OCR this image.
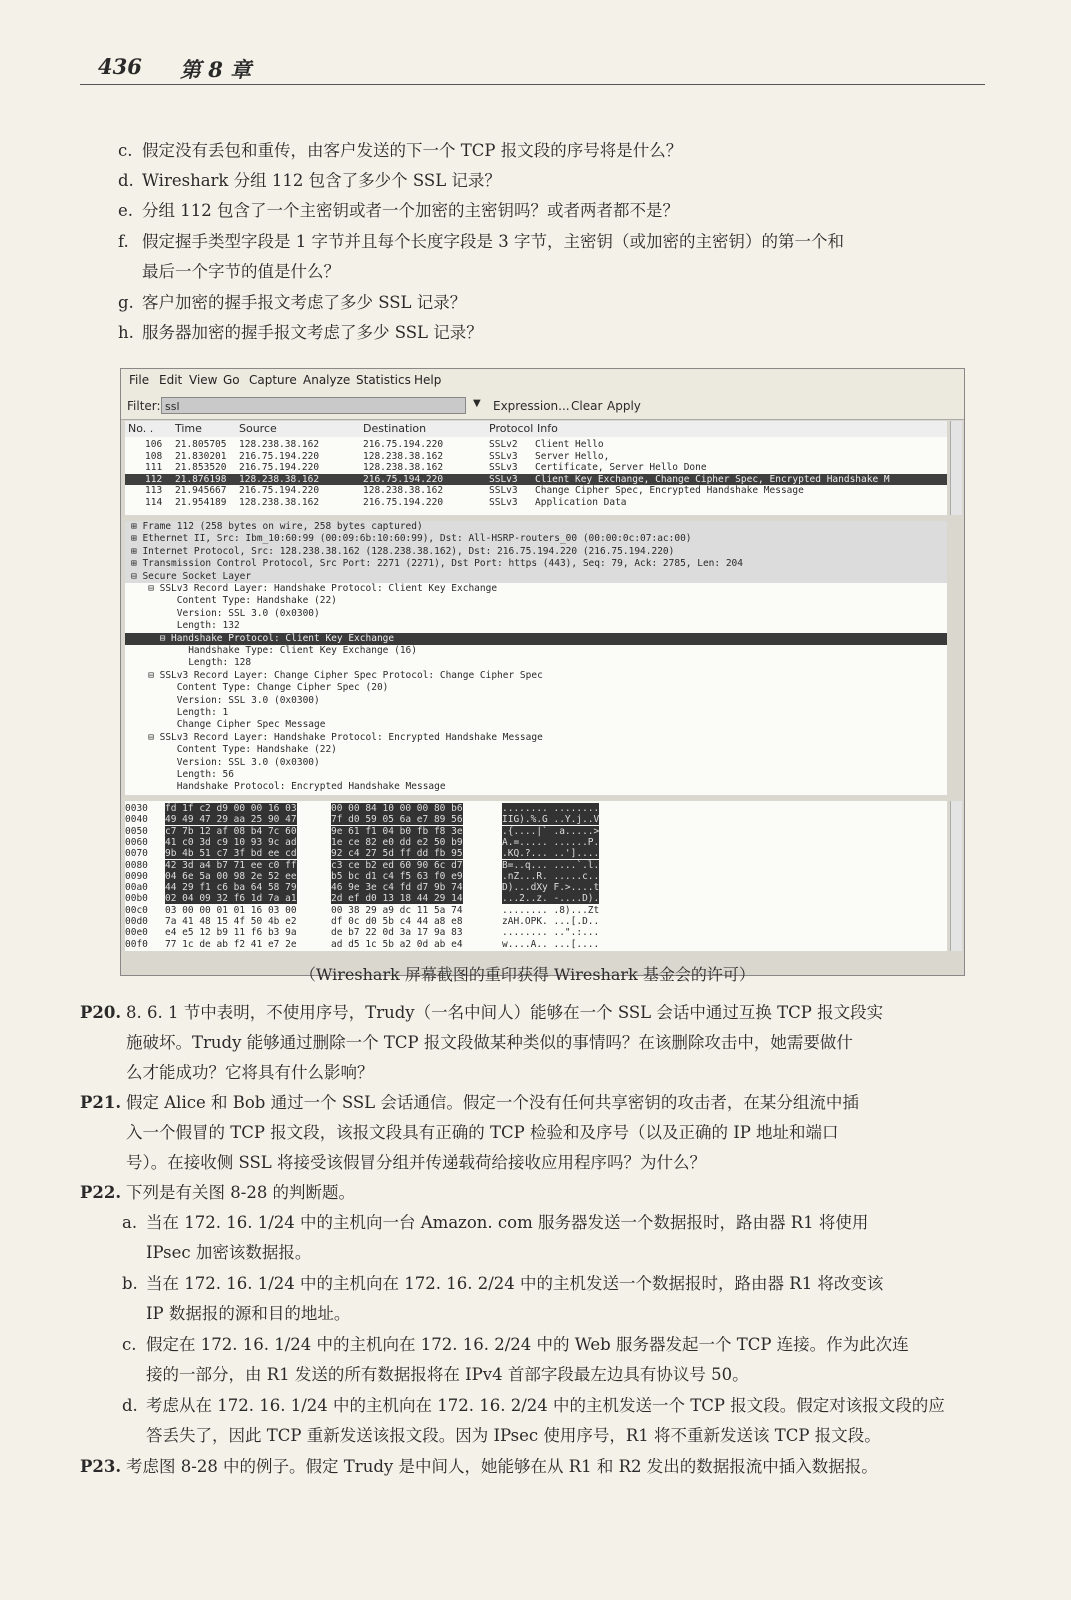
436 第 8 章
c. 假定没有丢包和重传，由客户发送的下一个 TCP 报文段的序号将是什么？
d. Wireshark 分组 112 包含了多少个 SSL 记录？
e. 分组 112 包含了一个主密钥或者一个加密的主密钥吗？或者两者都不是？
f. 假定握手类型字段是 1 字节并且每个长度字段是 3 字节，主密钥（或加密的主密钥）的第一个和
最后一个字节的值是什么？
g. 客户加密的握手报文考虑了多少 SSL 记录？
h. 服务器加密的握手报文考虑了多少 SSL 记录？
File Edit View Go Capture Analyze Statistics Help
Filter: ssl	▼ Expression... Clear Apply
No. . Time	Source	Destination	Protocol Info
106 21.805705 128.238.38.162	216.75.194.220	SSLv2 Client Hello
108 21.830201 216.75.194.220	128.238.38.162	SSLv3 Server Hello,
111 21.853520 216.75.194.220	128.238.38.162	SSLv3 Certificate, Server Hello Done
112 21.876198 128.238.38.162	216.75.194.220	SSLv3 Client Key Exchange, Change Cipher Spec, Encrypted Handshake M
113 21.945667 216.75.194.220	128.238.38.162	SSLv3 Change Cipher Spec, Encrypted Handshake Message
114 21.954189 128.238.38.162	216.75.194.220	SSLv3 Application Data
⊞ Frame 112 (258 bytes on wire, 258 bytes captured)
⊞ Ethernet II, Src: Ibm_10:60:99 (00:09:6b:10:60:99), Dst: All-HSRP-routers_00 (00:00:0c:07:ac:00)
⊞ Internet Protocol, Src: 128.238.38.162 (128.238.38.162), Dst: 216.75.194.220 (216.75.194.220)
⊞ Transmission Control Protocol, Src Port: 2271 (2271), Dst Port: https (443), Seq: 79, Ack: 2785, Len: 204
⊟ Secure Socket Layer
⊟ SSLv3 Record Layer: Handshake Protocol: Client Key Exchange
Content Type: Handshake (22)
Version: SSL 3.0 (0x0300)
Length: 132
⊟ Handshake Protocol: Client Key Exchange
Handshake Type: Client Key Exchange (16)
Length: 128
⊟ SSLv3 Record Layer: Change Cipher Spec Protocol: Change Cipher Spec
Content Type: Change Cipher Spec (20)
Version: SSL 3.0 (0x0300)
Length: 1
Change Cipher Spec Message
⊟ SSLv3 Record Layer: Handshake Protocol: Encrypted Handshake Message
Content Type: Handshake (22)
Version: SSL 3.0 (0x0300)
Length: 56
Handshake Protocol: Encrypted Handshake Message
0030 fd 1f c2 d9 00 00 16 03	00 00 84 10 00 00 80 b6	........ ........
0040 49 49 47 29 aa 25 90 47	7f d0 59 05 6a e7 89 56	IIG).%.G ..Y.j..V
0050 c7 7b 12 af 08 b4 7c 60	9e 61 f1 04 b0 fb f8 3e	.{....|` .a.....>
0060 41 c0 3d c9 10 93 9c ad	1e ce 82 e0 dd e2 50 b9	A.=..... ......P.
0070 9b 4b 51 c7 3f bd ee cd	92 c4 27 5d ff dd fb 95	.KQ.?... ..']....
0080 42 3d a4 b7 71 ee c0 ff	c3 ce b2 ed 60 90 6c d7	B=..q... ....`.l.
0090 04 6e 5a 00 98 2e 52 ee	b5 bc d1 c4 f5 63 f0 e9	.nZ...R. .....c..
00a0 44 29 f1 c6 ba 64 58 79	46 9e 3e c4 fd d7 9b 74	D)...dXy F.>....t
00b0 02 04 09 32 f6 1d 7a a1	2d ef d0 13 18 44 29 14	...2..z. -....D).
00c0 03 00 00 01 01 16 03 00	00 38 29 a9 dc 11 5a 74	........ .8)...Zt
00d0 7a 41 48 15 4f 50 4b e2	df 0c d0 5b c4 44 a8 e8	zAH.OPK. ...[.D..
00e0 e4 e5 12 b9 11 f6 b3 9a	de b7 22 0d 3a 17 9a 83	........ ..".:...
00f0 77 1c de ab f2 41 e7 2e	ad d5 1c 5b a2 0d ab e4	w....A.. ...[....
（Wireshark 屏幕截图的重印获得 Wireshark 基金会的许可）
P20. 8. 6. 1 节中表明，不使用序号，Trudy（一名中间人）能够在一个 SSL 会话中通过互换 TCP 报文段实
施破坏。Trudy 能够通过删除一个 TCP 报文段做某种类似的事情吗？在该删除攻击中，她需要做什
么才能成功？它将具有什么影响？
P21. 假定 Alice 和 Bob 通过一个 SSL 会话通信。假定一个没有任何共享密钥的攻击者，在某分组流中插
入一个假冒的 TCP 报文段，该报文段具有正确的 TCP 检验和及序号（以及正确的 IP 地址和端口
号）。在接收侧 SSL 将接受该假冒分组并传递载荷给接收应用程序吗？为什么？
P22. 下列是有关图 8-28 的判断题。
a. 当在 172. 16. 1/24 中的主机向一台 Amazon. com 服务器发送一个数据报时，路由器 R1 将使用
IPsec 加密该数据报。
b. 当在 172. 16. 1/24 中的主机向在 172. 16. 2/24 中的主机发送一个数据报时，路由器 R1 将改变该
IP 数据报的源和目的地址。
c. 假定在 172. 16. 1/24 中的主机向在 172. 16. 2/24 中的 Web 服务器发起一个 TCP 连接。作为此次连
接的一部分，由 R1 发送的所有数据报将在 IPv4 首部字段最左边具有协议号 50。
d. 考虑从在 172. 16. 1/24 中的主机向在 172. 16. 2/24 中的主机发送一个 TCP 报文段。假定对该报文段的应
答丢失了，因此 TCP 重新发送该报文段。因为 IPsec 使用序号，R1 将不重新发送该 TCP 报文段。
P23. 考虑图 8-28 中的例子。假定 Trudy 是中间人，她能够在从 R1 和 R2 发出的数据报流中插入数据报。
